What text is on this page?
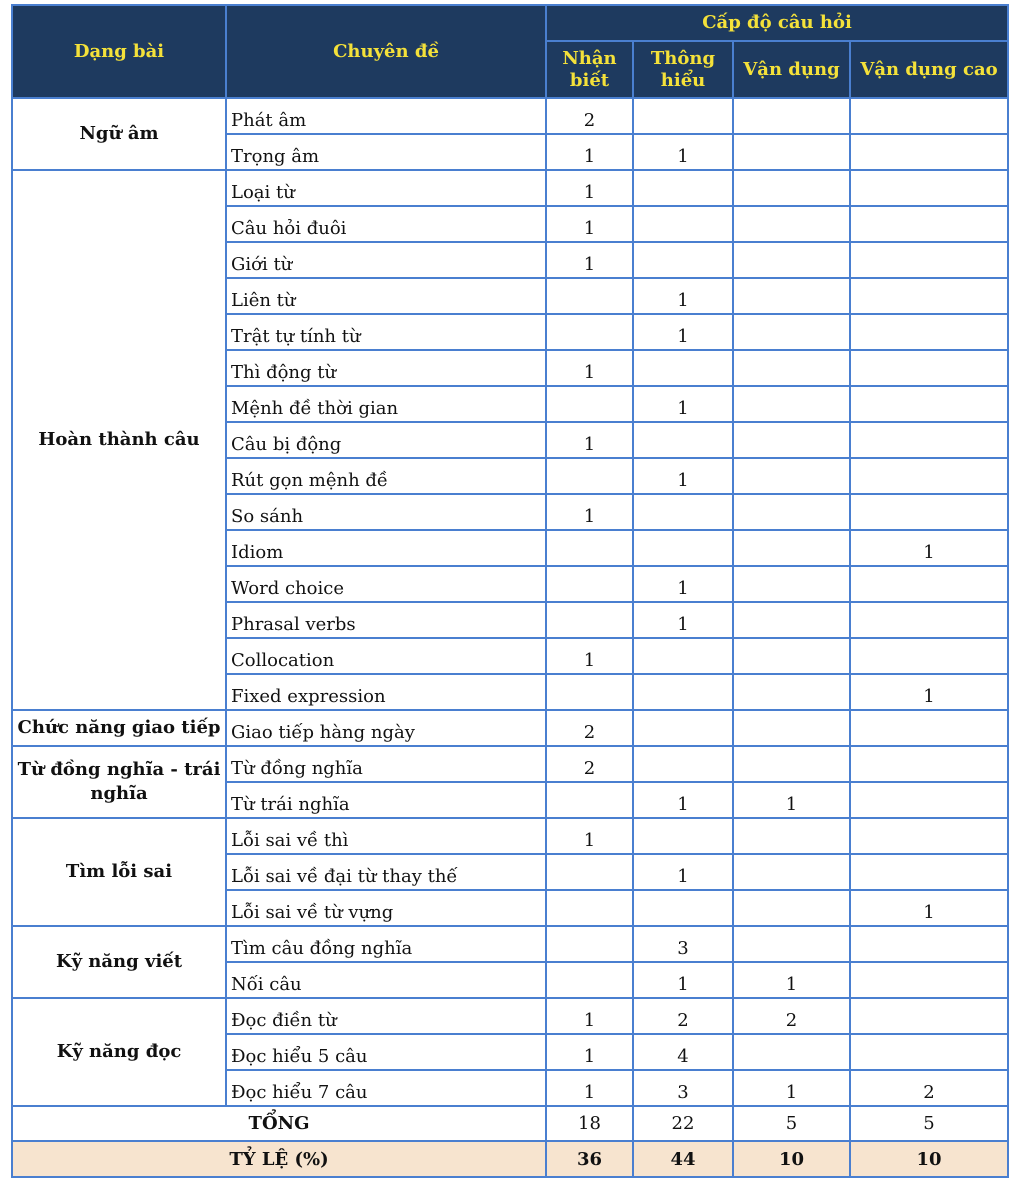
Dạng bài	Chuyên đề	Cấp độ câu hỏi			
		Nhận biết	Thông hiểu	Vận dụng	Vận dụng cao
Ngữ âm	Phát âm	2			
	Trọng âm	1	1		
Hoàn thành câu	Loại từ	1			
	Câu hỏi đuôi	1			
	Giới từ	1			
	Liên từ		1		
	Trật tự tính từ		1		
	Thì động từ	1			
	Mệnh đề thời gian		1		
	Câu bị động	1			
	Rút gọn mệnh đề		1		
	So sánh	1			
	Idiom				1
	Word choice		1		
	Phrasal verbs		1		
	Collocation	1			
	Fixed expression				1
Chức năng giao tiếp	Giao tiếp hàng ngày	2			
Từ đồng nghĩa - trái nghĩa	Từ đồng nghĩa	2			
	Từ trái nghĩa		1	1	
Tìm lỗi sai	Lỗi sai về thì	1			
	Lỗi sai về đại từ thay thế		1		
	Lỗi sai về từ vựng				1
Kỹ năng viết	Tìm câu đồng nghĩa		3		
	Nối câu		1	1	
Kỹ năng đọc	Đọc điền từ	1	2	2	
	Đọc hiểu 5 câu	1	4		
	Đọc hiểu 7 câu	1	3	1	2
TỔNG		18	22	5	5
TỶ LỆ (%)		36	44	10	10
